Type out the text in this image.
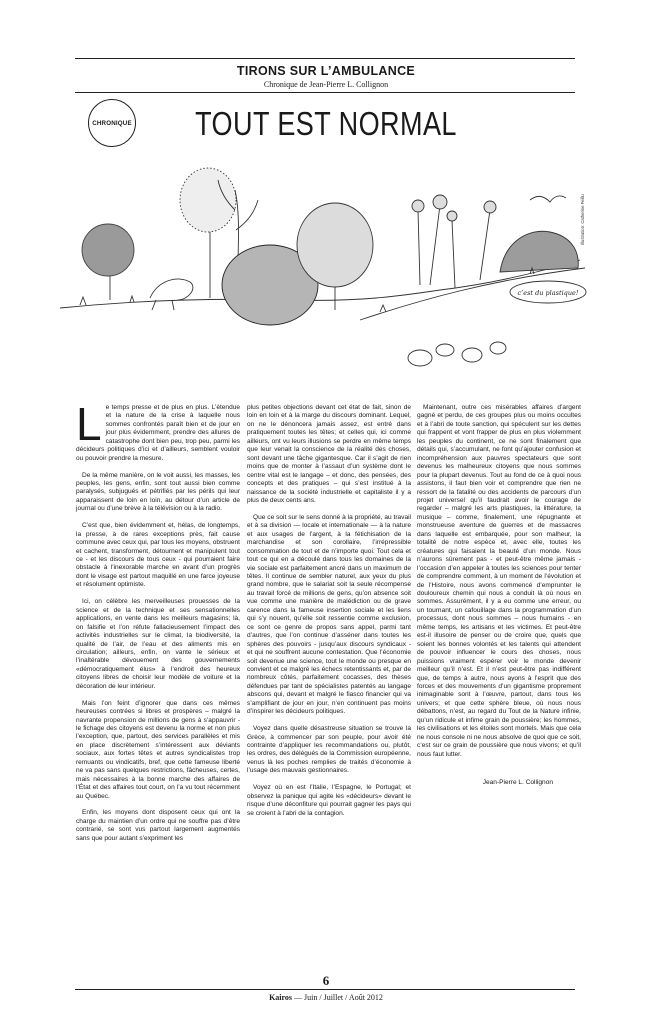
TIRONS SUR L’AMBULANCE
Chronique de Jean-Pierre L. Collignon
CHRONIQUE	TOUT EST NORMAL
c’est du plastique!
Illustration: Catherine Feillu

Le temps presse et de plus en plus. L’étendue et la nature de la crise à laquelle nous sommes confrontés paraît bien et de jour en jour plus évidemment, prendre des allures de catastrophe dont bien peu, trop peu, parmi les décideurs politiques d’ici et d’ailleurs, semblent vouloir ou pouvoir prendre la mesure.

De la même manière, on le voit aussi, les masses, les peuples, les gens, enfin, sont tout aussi bien comme paralysés, subjugués et pétrifiés par les périls qui leur apparaissent de loin en loin, au détour d’un article de journal ou d’une brève à la télévision ou à la radio.

C’est que, bien évidemment et, hélas, de longtemps, la presse, à de rares exceptions près, fait cause commune avec ceux qui, par tous les moyens, obstruent et cachent, transforment, détournent et manipulent tout ce - et les discours de tous ceux - qui pourraient faire obstacle à l’inexorable marche en avant d’un progrès dont le visage est partout maquillé en une farce joyeuse et résolument optimiste.

Ici, on célèbre les merveilleuses prouesses de la science et de la technique et ses sensationnelles applications, en vente dans les meilleurs magasins; là, on falsifie et l’on réfute fallacieusement l’impact des activités industrielles sur le climat, la biodiversité, la qualité de l’air, de l’eau et des aliments mis en circulation; ailleurs, enfin, on vante le sérieux et l’inaltérable dévouement des gouvernements «démocratiquement élus» à l’endroit des heureux citoyens libres de choisir leur modèle de voiture et la décoration de leur intérieur.

Mais l’on feint d’ignorer que dans ces mêmes heureuses contrées si libres et prospères – malgré la navrante propension de millions de gens à s’appauvrir - le fichage des citoyens est devenu la norme et non plus l’exception, que, partout, des services parallèles et mis en place discrètement s’intéressent aux déviants sociaux, aux fortes têtes et autres syndicalistes trop remuants ou vindicatifs, bref, que cette fameuse liberté ne va pas sans quelques restrictions, fâcheuses, certes, mais nécessaires à la bonne marche des affaires de l’État et des affaires tout court, on l’a vu tout récemment au Québec.

Enfin, les moyens dont disposent ceux qui ont la charge du maintien d’un ordre qui ne souffre pas d’être contrarié, se sont vus partout largement augmentés sans que pour autant s’expriment les

plus petites objections devant cet état de fait, sinon de loin en loin et à la marge du discours dominant. Lequel, on ne le dénoncera jamais assez, est entré dans pratiquement toutes les têtes; et celles qui, ici comme ailleurs, ont vu leurs illusions se perdre en même temps que leur venait la conscience de la réalité des choses, sont devant une tâche gigantesque. Car il s’agit de rien moins que de monter à l’assaut d’un système dont le centre vital est le langage – et donc, des pensées, des concepts et des pratiques – qui s’est institué à la naissance de la société industrielle et capitaliste il y a plus de deux cents ans.

Que ce soit sur le sens donné à la propriété, au travail et à sa division — locale et internationale — à la nature et aux usages de l’argent, à la fétichisation de la marchandise et son corollaire, l’irrépressible consommation de tout et de n’importe quoi. Tout cela et tout ce qui en a découlé dans tous les domaines de la vie sociale est parfaitement ancré dans un maximum de têtes. Il continue de sembler naturel, aux yeux du plus grand nombre, que le salariat soit la seule récompense au travail forcé de millions de gens, qu’on absence soit vue comme une manière de malédiction ou de grave carence dans la fameuse insertion sociale et les liens qui s’y nouent, qu’elle soit ressentie comme exclusion, ce sont ce genre de propos sans appel, parmi tant d’autres, que l’on continue d’asséner dans toutes les sphères des pouvoirs - jusqu’aux discours syndicaux - et qui ne souffrent aucune contestation. Que l’économie soit devenue une science, tout le monde ou presque en convient et ce malgré les échecs retentissants et, par de nombreux côtés, parfaitement cocasses, des thèses défendues par tant de spécialistes patentés au langage abscons qui, devant et malgré le fiasco financier qui va s’amplifiant de jour en jour, n’en continuent pas moins d’inspirer les décideurs politiques.

Voyez dans quelle désastreuse situation se trouve la Grèce, à commencer par son peuple, pour avoir été contrainte d’appliquer les recommandations ou, plutôt, les ordres, des délégués de la Commission européenne, venus là les poches remplies de traités d’économie à l’usage des mauvais gestionnaires.

Voyez où en est l’Italie, l’Espagne, le Portugal; et observez la panique qui agite les «décideurs» devant le risque d’une déconfiture qui pourrait gagner les pays qui se croient à l’abri de la contagion.

Maintenant, outre ces misérables affaires d’argent gagné et perdu, de ces groupes plus ou moins occultes et à l’abri de toute sanction, qui spéculent sur les dettes qui frappent et vont frapper de plus en plus violemment les peuples du continent, ce ne sont finalement que détails qui, s’accumulant, ne font qu’ajouter confusion et incompréhension aux pauvres spectateurs que sont devenus les malheureux citoyens que nous sommes pour la plupart devenus. Tout au fond de ce à quoi nous assistons, il faut bien voir et comprendre que rien ne ressort de la fatalité ou des accidents de parcours d’un projet universel qu’il faudrait avoir le courage de regarder – malgré les arts plastiques, la littérature, la musique – comme, finalement, une répugnante et monstrueuse aventure de guerres et de massacres dans laquelle est embarquée, pour son malheur, la totalité de notre espèce et, avec elle, toutes les créatures qui faisaient la beauté d’un monde. Nous n’aurons sûrement pas - et peut-être même jamais - l’occasion d’en appeler à toutes les sciences pour tenter de comprendre comment, à un moment de l’évolution et de l’Histoire, nous avons commencé d’emprunter le douloureux chemin qui nous a conduit là où nous en sommes. Assurément, il y a eu comme une erreur, ou un tournant, un cafouillage dans la programmation d’un processus, dont nous sommes – nous humains - en même temps, les artisans et les victimes. Et peut-être est-il illusoire de penser ou de croire que, quels que soient les bonnes volontés et les talents qui attendent de pouvoir influencer le cours des choses, nous puissions vraiment espérer voir le monde devenir meilleur qu’il n’est. Et il n’est peut-être pas indifférent que, de temps à autre, nous ayons à l’esprit que des forces et des mouvements d’un gigantisme proprement inimaginable sont à l’œuvre, partout, dans tous les univers; et que cette sphère bleue, où nous nous débattons, n’est, au regard du Tout de la Nature infinie, qu’un ridicule et infime grain de poussière; les hommes, les civilisations et les étoiles sont mortels. Mais que cela ne nous console ni ne nous absolve de quoi que ce soit, c’est sur ce grain de poussière que nous vivons; et qu’il nous faut lutter.

Jean-Pierre L. Collignon

6
Kairos — Juin / Juillet / Août 2012
